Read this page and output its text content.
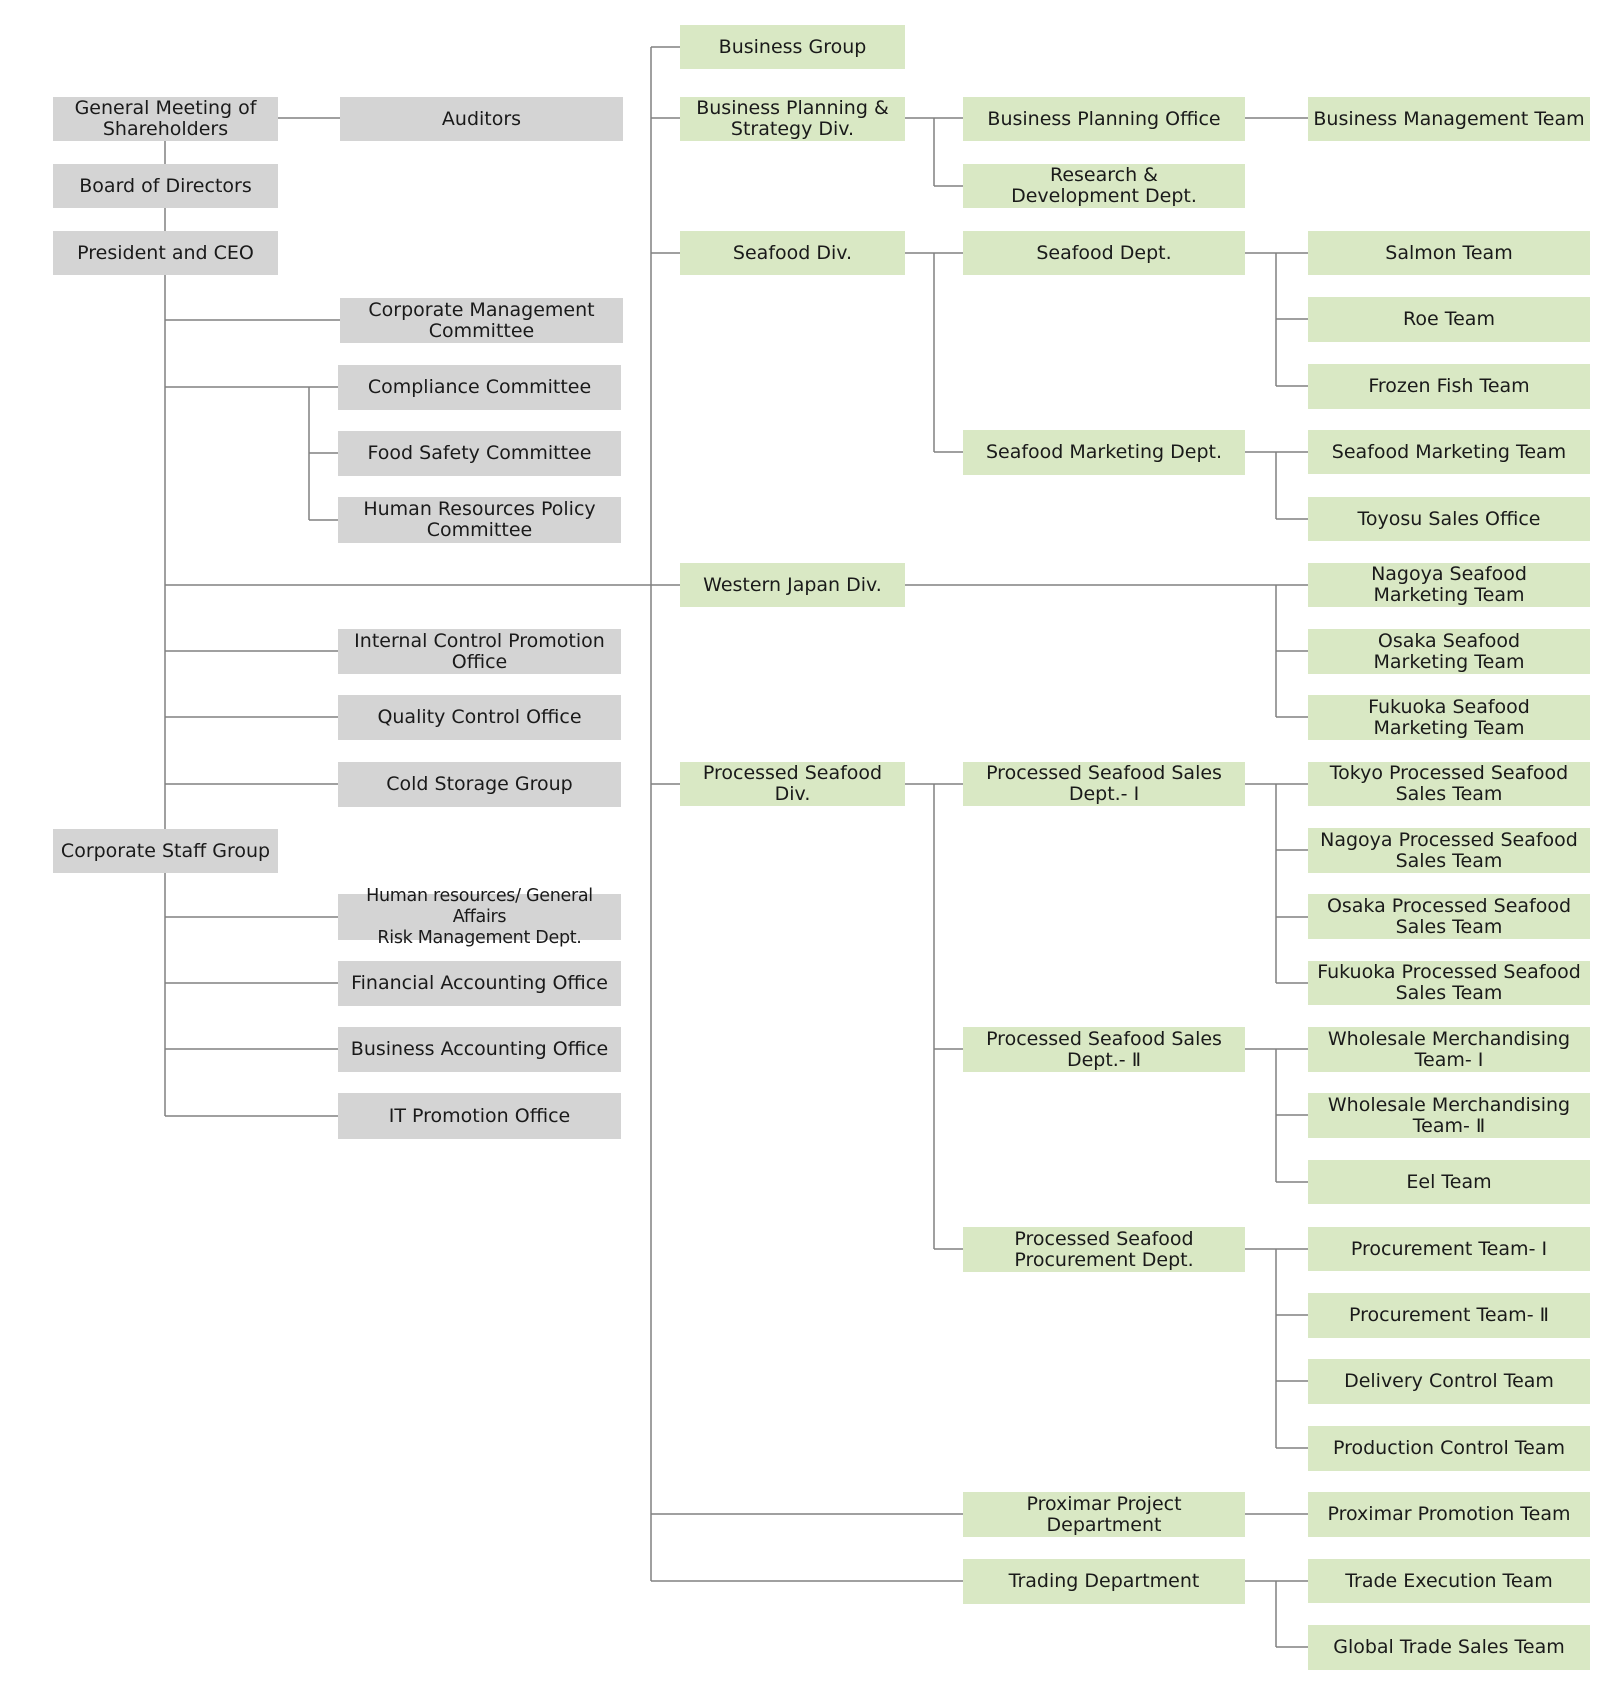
General Meeting of
Shareholders	Auditors
Board of Directors
President and CEO
Corporate Management
Committee
Compliance Committee
Food Safety Committee
Human Resources Policy
Committee
Internal Control Promotion
Office
Quality Control Office
Cold Storage Group
Corporate Staff Group
Human resources/ General Affairs
Risk Management Dept.
Financial Accounting Office
Business Accounting Office
IT Promotion Office
Business Group
Business Planning &
Strategy Div.
Seafood Div.
Western Japan Div.
Processed Seafood Div.
Business Planning Office
Research &
Development Dept.
Seafood Dept.
Seafood Marketing Dept.
Processed Seafood Sales
Dept.- Ⅰ
Processed Seafood Sales
Dept.- Ⅱ
Processed Seafood
Procurement Dept.
Proximar Project Department
Trading Department
Business Management Team
Salmon Team
Roe Team
Frozen Fish Team
Seafood Marketing Team
Toyosu Sales Office
Nagoya Seafood
Marketing Team
Osaka Seafood
Marketing Team
Fukuoka Seafood
Marketing Team
Tokyo Processed Seafood
Sales Team
Nagoya Processed Seafood
Sales Team
Osaka Processed Seafood
Sales Team
Fukuoka Processed Seafood
Sales Team
Wholesale Merchandising
Team- Ⅰ
Wholesale Merchandising
Team- Ⅱ
Eel Team
Procurement Team- Ⅰ
Procurement Team- Ⅱ
Delivery Control Team
Production Control Team
Proximar Promotion Team
Trade Execution Team
Global Trade Sales Team
